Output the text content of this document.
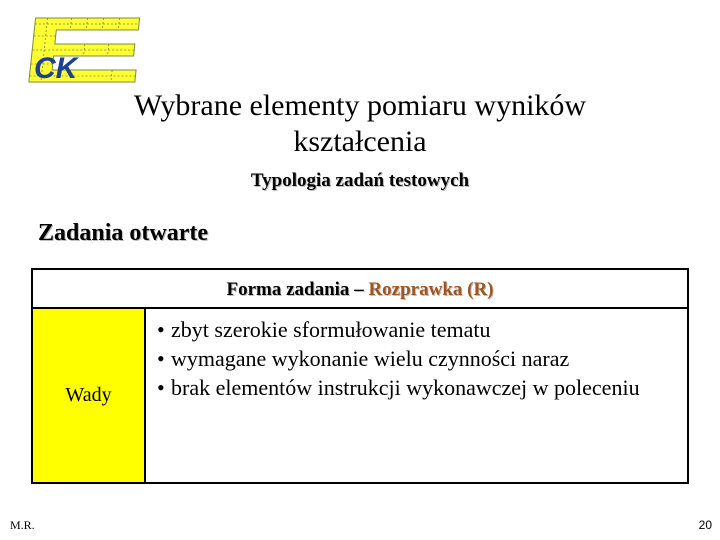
CK
Wybrane elementy pomiaru wyników
kształcenia
Typologia zadań testowych
Zadania otwarte
Forma zadania – Rozprawka (R)
Wady
• zbyt szerokie sformułowanie tematu
• wymagane wykonanie wielu czynności naraz
• brak elementów instrukcji wykonawczej w poleceniu
M.R.	20
